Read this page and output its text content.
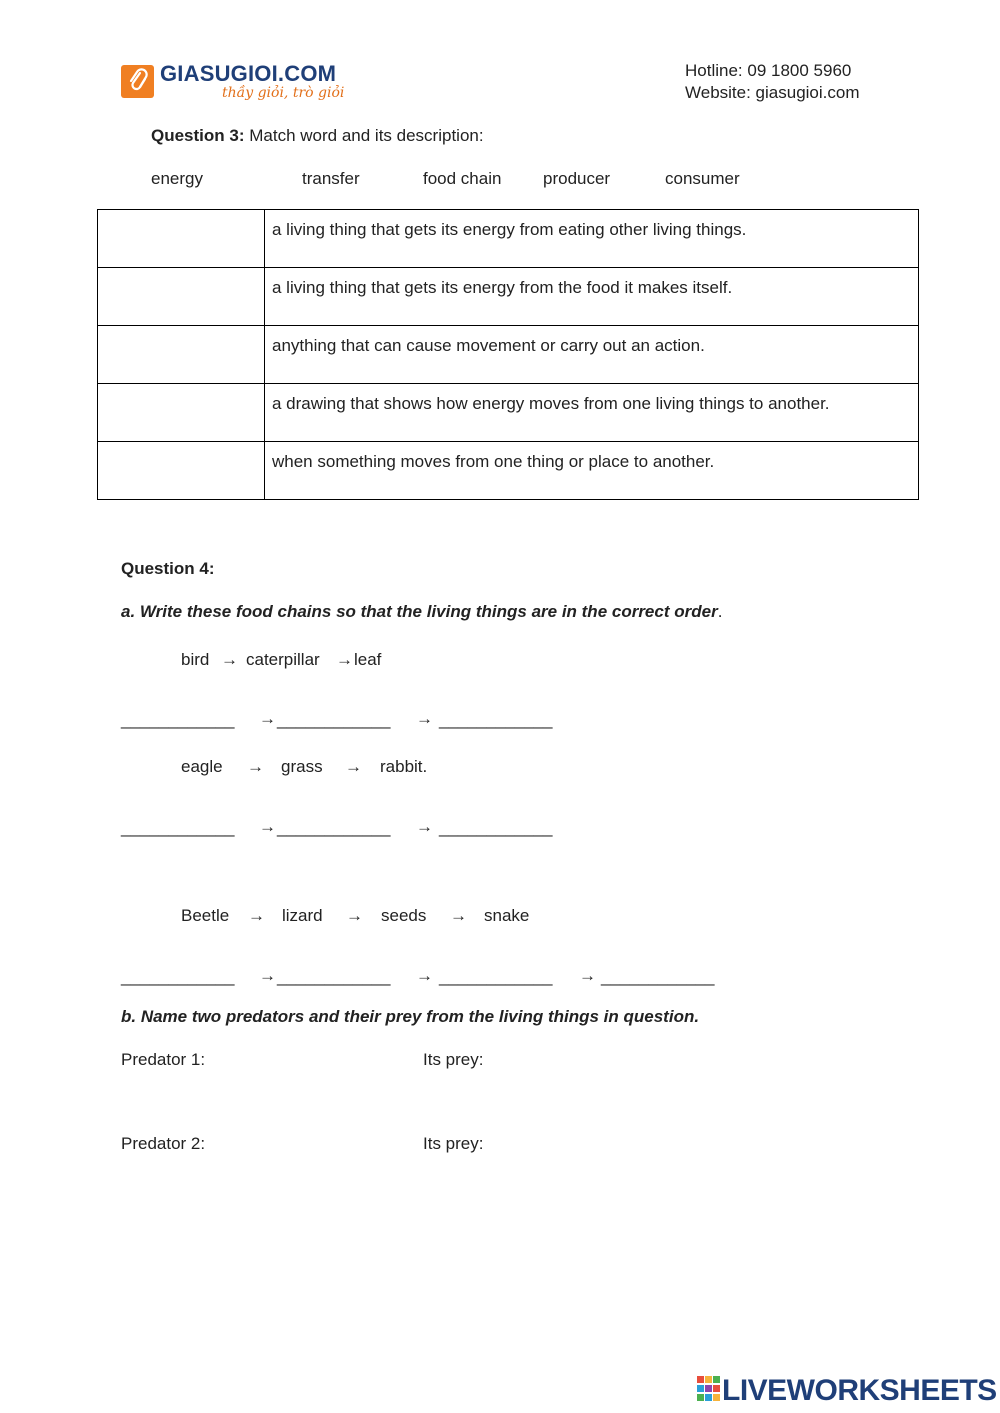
GIASUGIOI.COM
thầy giỏi, trò giỏi
Hotline: 09 1800 5960
Website: giasugioi.com
Question 3: Match word and its description:
energy	transfer	food chain producer	consumer
	a living thing that gets its energy from eating other living things.
	a living thing that gets its energy from the food it makes itself.
	anything that can cause movement or carry out an action.
	a drawing that shows how energy moves from one living things to another.
	when something moves from one thing or place to another.
Question 4:
a. Write these food chains so that the living things are in the correct order.
bird → caterpillar → leaf
____________ → ____________ → ____________
eagle → grass → rabbit.
____________ → ____________ → ____________
Beetle → lizard → seeds → snake
____________ → ____________ → ____________ → ____________
b. Name two predators and their prey from the living things in question.
Predator 1:	Its prey:
Predator 2:	Its prey:
LIVEWORKSHEETS
